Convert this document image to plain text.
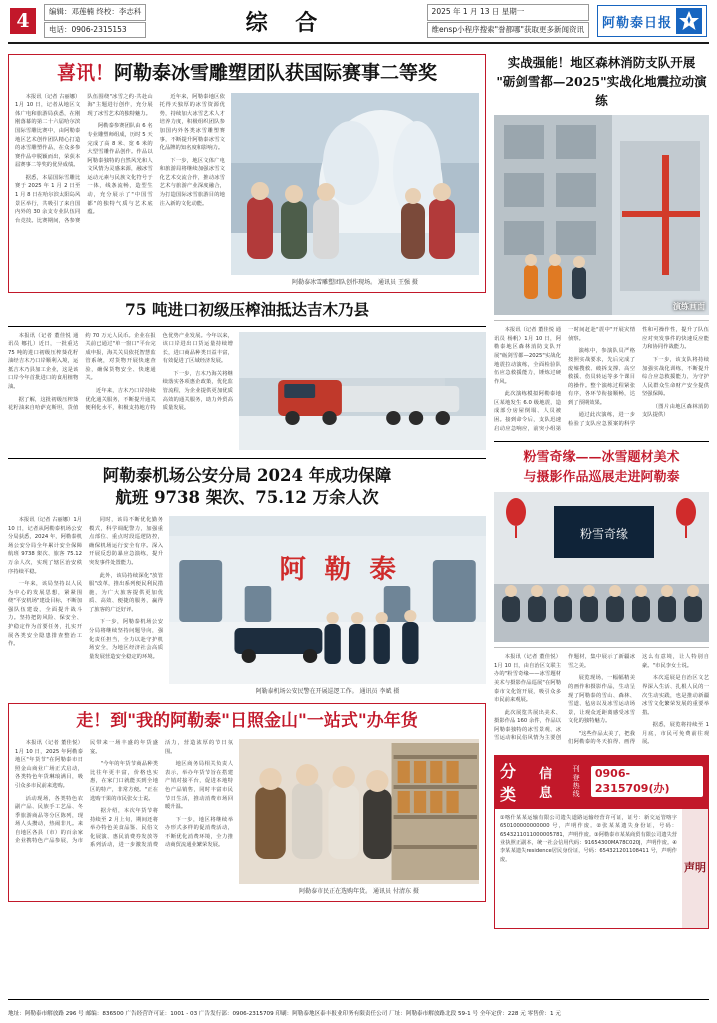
4	编辑：邓莲楠 终校：李志科
电话：0906-2315153	综 合	2025 年 1 月 13 日 星期一
维ensp小程序搜索"誉都哪"获取更多新闻资讯	阿勒泰日报
喜讯！阿勒泰冰雪雕塑团队获国际赛事二等奖

本报讯（记者 古丽娜）1月 10 日，记者从地区文体广电和旅游局获悉，在刚刚落幕的第二十六届哈尔滨国际雪雕比赛中，由阿勒泰地区艺术创作团队精心打造的冰雪雕塑作品，在众多参赛作品中脱颖而出，荣获本届赛事二等奖的优异成绩。

据悉，本届国际雪雕比赛于 2025 年 1 月 2 日至 1 月 8 日在哈尔滨太阳岛风景区举行，共吸引了来自国内外的 30 余支专业队伍同台竞技。比赛期间，各参赛队伍围绕"冰雪之约·共赴山海"主题进行创作，充分展现了冰雪艺术的独特魅力。

阿勒泰参赛团队由 6 名专业雕塑师组成，历时 5 天完成了高 8 米、宽 6 米的大型雪雕作品创作。作品以阿勒泰独特的自然风光和人文风情为灵感来源，融冰雪运动元素与民族文化符号于一体，线条流畅，造型生动，充分展示了"中国雪都"的独特气质与艺术底蕴。

近年来，阿勒泰地区依托得天独厚的冰雪资源优势，持续加大冰雪艺术人才培养力度，积极组织团队参加国内外各类冰雪雕塑赛事，不断提升阿勒泰冰雪文化品牌的知名度和影响力。

下一步，地区文体广电和旅游局将继续加强冰雪文化艺术交流合作，推动冰雪艺术与旅游产业深度融合，为打造国际冰雪旅游目的地注入新的文化动能。

阿勒泰冰雪雕塑团队创作现场。 通讯员 王强 摄
75 吨进口初级压榨油抵达吉木乃县

本报讯（记者 董佳悦 通讯员 娜扎）近日，一批重达 75 吨的进口初级压榨葵花籽油经吉木乃口岸顺利入境，运抵吉木乃县加工企业，这是该口岸今年首批进口的食用植物油。

据了解，这批初级压榨葵花籽油来自哈萨克斯坦，货值约 70 万元人民币。企业在报关前已通过"单一窗口"平台完成申报，海关关员依托智慧监管系统，对货物开展快速查验，确保货物安全、快速通关。

近年来，吉木乃口岸持续优化通关服务，不断提升通关便利化水平，积极支持地方特色优势产业发展。今年以来，该口岸进出口货运量持续增长，进口商品种类日益丰富，有效促进了区域经济发展。

下一步，吉木乃海关将继续落实各项惠企政策，优化监管流程，为企业提供更加优质高效的通关服务，助力外贸高质量发展。

阿勒泰机场公安分局 2024 年成功保障
航班 9738 架次、75.12 万余人次

本报讯（记者 古丽娜）1月 10 日，记者从阿勒泰机场公安分局获悉，2024 年，阿勒泰机场公安分局全年累计安全保障航班 9738 架次、旅客 75.12 万余人次，实现了辖区治安秩序持续平稳。

一年来，该局坚持以人民为中心的发展思想，紧紧围绕"平安机场"建设目标，不断加强队伍建设，全面提升战斗力。坚持把防风险、保安全、护稳定作为首要任务，扎实开展各类安全隐患排查整治工作。

同时，该局不断优化勤务模式，科学调配警力，加强重点部位、重点时段巡逻防控，确保机场运行安全有序。深入开展反恐防暴应急演练，提升突发事件处置能力。

此外，该局持续深化"放管服"改革，推出系列便民利民措施，为广大旅客提供更加优质、高效、便捷的服务，赢得了旅客的广泛好评。

下一步，阿勒泰机场公安分局将继续坚持问题导向，强化责任担当，全力以赴守护机场安全，为地区经济社会高质量发展营造安全稳定的环境。

阿 勒 泰
阿勒泰机场公安民警在开展巡逻工作。 通讯员 李斌 摄
走！到"我的阿勒泰"日照金山"一站式"办年货

本报讯（记者 董佳悦）1月 10 日，2025 年阿勒泰地区"年货节"在阿勒泰市日照金山商业广场正式启动，各类特色年货琳琅满目，吸引众多市民前来选购。

活动现场，各类特色农副产品、民族手工艺品、冬季旅游商品等分区陈列，现场人头攒动，热闹非凡。来自地区各县（市）的百余家企业携特色产品参展，为市民带来一场丰盛的年货盛宴。

"今年的年货节商品种类比往年更丰富，价格也实惠，在家门口就能买到全地区的特产，非常方便。"正在选购干果的市民张女士说。

据介绍，本次年货节将持续至 2 月上旬，期间还将举办特色美食品鉴、民俗文化展演、惠民消费券发放等系列活动，进一步激发消费活力，营造浓厚的节日氛围。

地区商务局相关负责人表示，举办年货节旨在搭建产销对接平台，促进本地特色产品销售，同时丰富市民节日生活，推动消费市场回暖升温。

下一步，地区将继续举办形式多样的促消费活动，不断优化消费环境，全力推动商贸流通业繁荣发展。

阿勒泰市民正在选购年货。 通讯员 付清东 摄
实战强能！地区森林消防支队开展
"砺剑雪都—2025"实战化地震拉动演练
演练画面

本报讯（记者 董佳悦 通讯员 杨帆）1月 10 日，阿勒泰地区森林消防支队开展"砺剑雪都—2025"实战化地震拉动演练，全面检验队伍应急救援能力，锤炼过硬作风。

此次演练模拟阿勒泰地区某地发生 6.0 级地震，造成部分房屋倒塌、人员被困。接到命令后，支队迅速启动应急响应，前突小组第一时间赶赴"震中"开展灾情侦察。

演练中，参演队员严格按照实战要求，先后完成了废墟搜救、破拆支撑、高空救援、伤员转运等多个课目的操作。整个演练过程紧张有序，各环节衔接顺畅，达到了预期效果。

通过此次演练，进一步检验了支队应急预案的科学性和可操作性，提升了队伍应对突发事件的快速反应能力和协同作战能力。

下一步，该支队将持续加强实战化训练，不断提升综合应急救援能力，为守护人民群众生命财产安全提供坚强保障。

（图片由地区森林消防支队提供）

粉雪奇缘——冰雪题材美术
与摄影作品巡展走进阿勒泰
粉雪奇缘

本报讯（记者 董佳悦）1月 10 日，由自治区文联主办的"粉雪奇缘——冰雪题材美术与摄影作品巡展"在阿勒泰市文化馆开展，吸引众多市民前来观展。

此次展览共展出美术、摄影作品 160 余件，作品以阿勒泰独特的冰雪景观、冰雪运动和民俗风情为主要创作题材，集中展示了新疆冰雪之美。

展览现场，一幅幅精美的画作和摄影作品，生动呈现了阿勒泰的雪山、森林、雪道、毡房以及冰雪运动场景，让观众近距离感受冰雪文化的独特魅力。

"这些作品太美了，把我们阿勒泰的冬天拍得、画得这么有意境，让人特别自豪。"市民李女士说。

本次巡展是自治区文艺界深入生活、扎根人民的一次生动实践，也是推动新疆冰雪文化繁荣发展的重要举措。

据悉，展览将持续至 1 月底，市民可免费前往观展。

分类
信息
刊登
热线
0906-2315709(办)
①喀什某某运输有限公司遗失道路运输经营许可证，证号：新交运管喀字 650100000000000 号，声明作废。②张某某遗失身份证，号码：6543211011000005781，声明作废。③阿勒泰市某某商贸有限公司遗失营业执照正副本，统一社会信用代码：91654300MA78C020J，声明作废。④李某某遗失residence居民身份证，号码：654321201108411 号，声明作废。
声明
地址：阿勒泰市解放路 296 号 邮编：836500 广告经营许可证：1001 - 03 广告发行部：0906-2315709 印刷：阿勒泰地区泰丰报业印务有限责任公司 厂址：阿勒泰市解放路北段 59-1 号 全年定价：228 元 零售价：1 元
